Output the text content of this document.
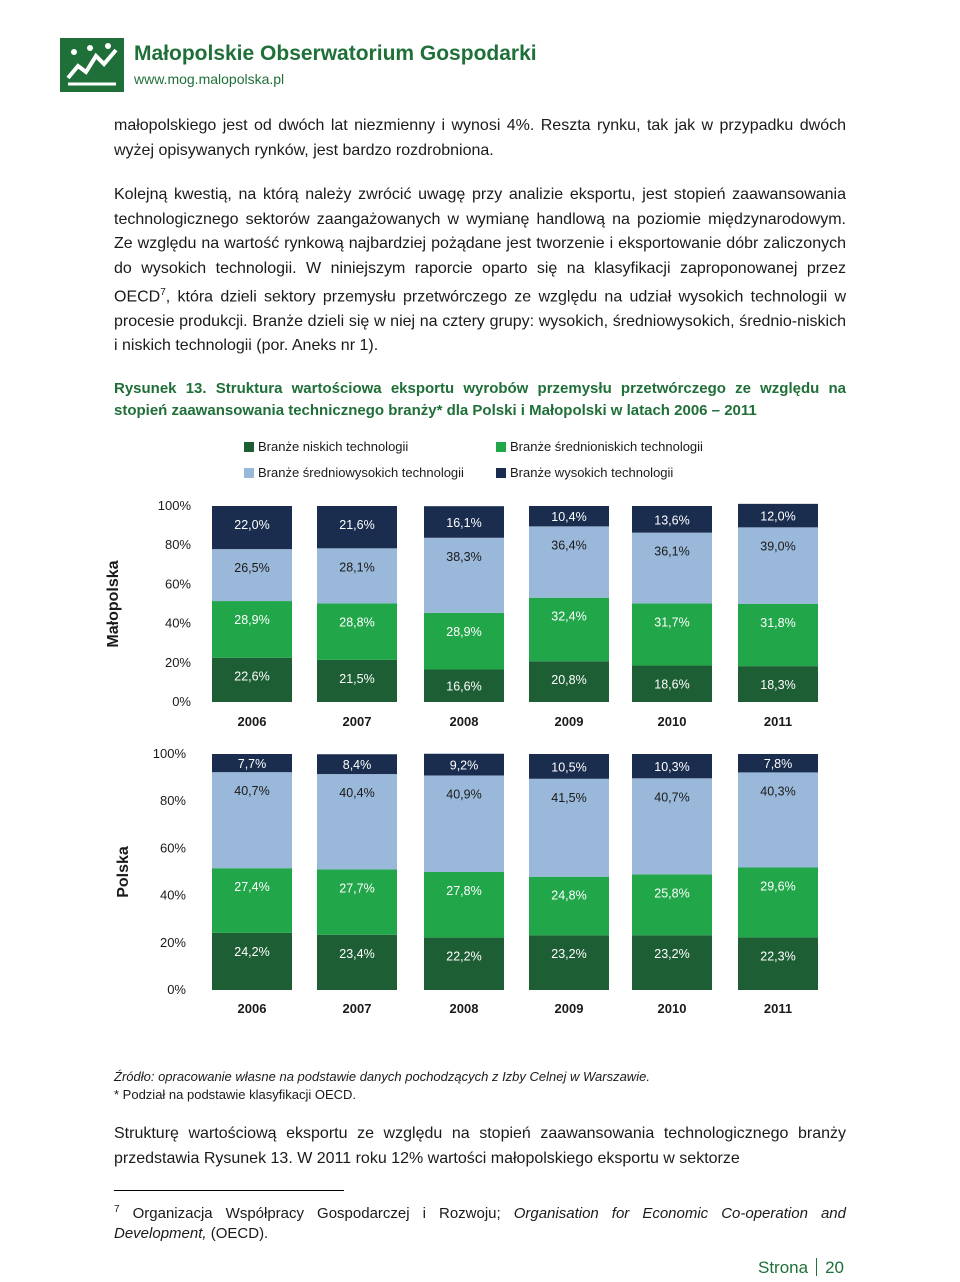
Małopolskie Obserwatorium Gospodarki
www.mog.malopolska.pl
małopolskiego jest od dwóch lat niezmienny i wynosi 4%. Reszta rynku, tak jak w przypadku dwóch wyżej opisywanych rynków, jest bardzo rozdrobniona.
Kolejną kwestią, na którą należy zwrócić uwagę przy analizie eksportu, jest stopień zaawansowania technologicznego sektorów zaangażowanych w wymianę handlową na poziomie międzynarodowym. Ze względu na wartość rynkową najbardziej pożądane jest tworzenie i eksportowanie dóbr zaliczonych do wysokich technologii. W niniejszym raporcie oparto się na klasyfikacji zaproponowanej przez OECD$^7$, która dzieli sektory przemysłu przetwórczego ze względu na udział wysokich technologii w procesie produkcji. Branże dzieli się w niej na cztery grupy: wysokich, średniowysokich, średnio-niskich i niskich technologii (por. Aneks nr 1).
Rysunek 13. Struktura wartościowa eksportu wyrobów przemysłu przetwórczego ze względu na stopień zaawansowania technicznego branży* dla Polski i Małopolski w latach 2006 – 2011
Branże niskich technologii	Branże średnioniskich technologii
Branże średniowysokich technologii	Branże wysokich technologii
Małopolska
0%
20%
40%
60%
80%
100%
22,6%
28,9%
26,5%
22,0%
2006
21,5%
28,8%
28,1%
21,6%
2007
16,6%
28,9%
38,3%
16,1%
2008
20,8%
32,4%
36,4%
10,4%
2009
18,6%
31,7%
36,1%
13,6%
2010
18,3%
31,8%
39,0%
12,0%
2011
Polska
0%
20%
40%
60%
80%
100%
24,2%
27,4%
40,7%
7,7%
2006
23,4%
27,7%
40,4%
8,4%
2007
22,2%
27,8%
40,9%
9,2%
2008
23,2%
24,8%
41,5%
10,5%
2009
23,2%
25,8%
40,7%
10,3%
2010
22,3%
29,6%
40,3%
7,8%
2011
Źródło: opracowanie własne na podstawie danych pochodzących z Izby Celnej w Warszawie.
* Podział na podstawie klasyfikacji OECD.
Strukturę wartościową eksportu ze względu na stopień zaawansowania technologicznego branży przedstawia Rysunek 13. W 2011 roku 12% wartości małopolskiego eksportu w sektorze
$^7$ Organizacja Współpracy Gospodarczej i Rozwoju; Organisation for Economic Co-operation and Development, (OECD).
Strona 20
